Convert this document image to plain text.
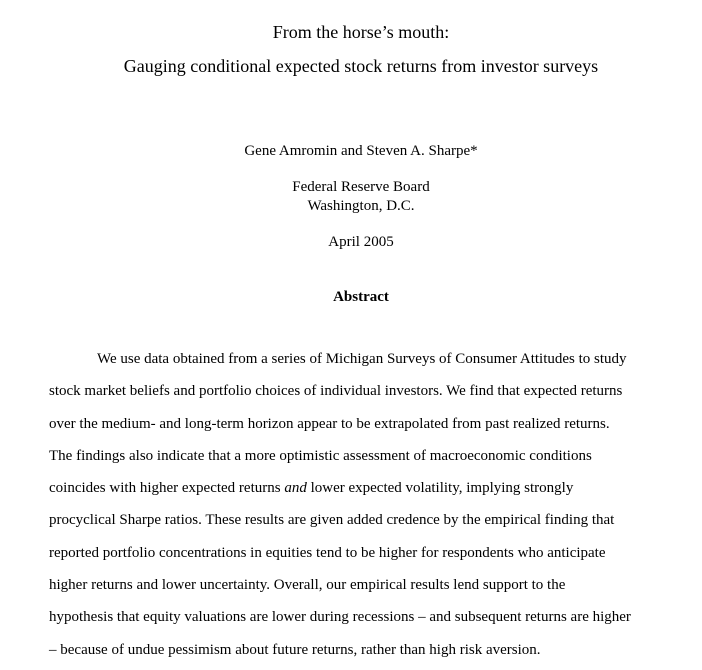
From the horse’s mouth:
Gauging conditional expected stock returns from investor surveys
Gene Amromin and Steven A. Sharpe*
Federal Reserve Board
Washington, D.C.
April 2005
Abstract
We use data obtained from a series of Michigan Surveys of Consumer Attitudes to study
stock market beliefs and portfolio choices of individual investors. We find that expected returns
over the medium- and long-term horizon appear to be extrapolated from past realized returns.
The findings also indicate that a more optimistic assessment of macroeconomic conditions
coincides with higher expected returns and lower expected volatility, implying strongly
procyclical Sharpe ratios. These results are given added credence by the empirical finding that
reported portfolio concentrations in equities tend to be higher for respondents who anticipate
higher returns and lower uncertainty. Overall, our empirical results lend support to the
hypothesis that equity valuations are lower during recessions – and subsequent returns are higher
– because of undue pessimism about future returns, rather than high risk aversion.
